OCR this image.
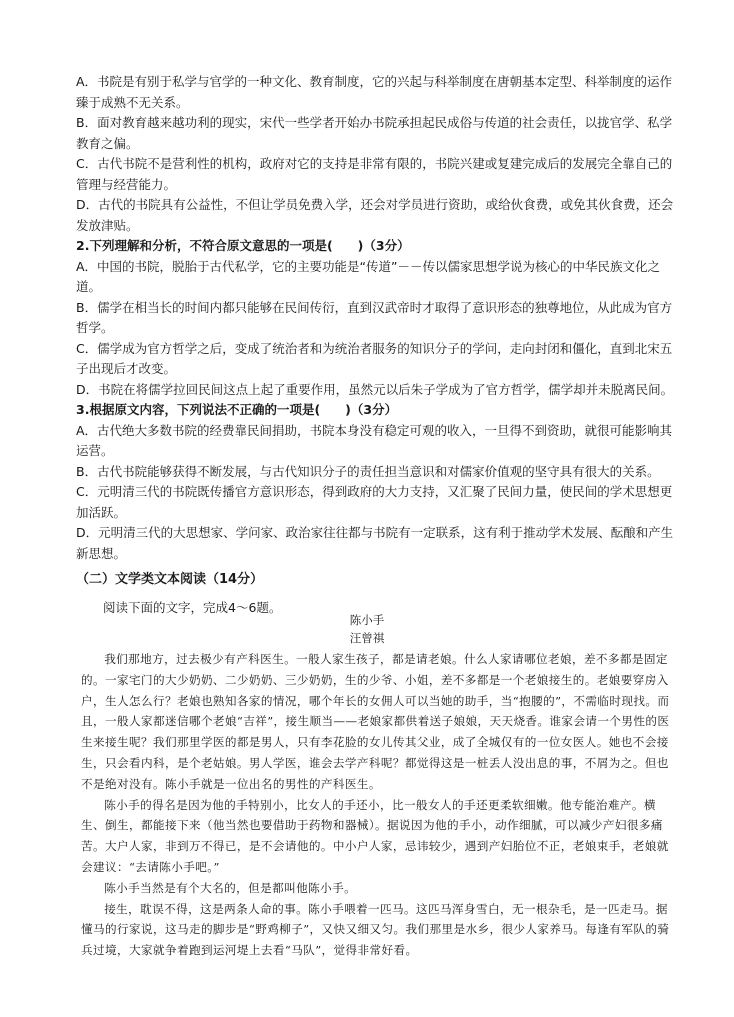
A．书院是有别于私学与官学的一种文化、教育制度，它的兴起与科举制度在唐朝基本定型、科举制度的运作臻于成熟不无关系。

B．面对教育越来越功利的现实，宋代一些学者开始办书院承担起民成俗与传道的社会责任，以拢官学、私学教育之偏。

C．古代书院不是营利性的机构，政府对它的支持是非常有限的，书院兴建或复建完成后的发展完全靠自己的管理与经营能力。

D．古代的书院具有公益性，不但让学员免费入学，还会对学员进行资助，或给伙食费，或免其伙食费，还会发放津贴。

2.下列理解和分析，不符合原文意思的一项是(　　)（3分）

A．中国的书院，脱胎于古代私学，它的主要功能是“传道”－－传以儒家思想学说为核心的中华民族文化之道。

B．儒学在相当长的时间内都只能够在民间传衍，直到汉武帝时才取得了意识形态的独尊地位，从此成为官方哲学。

C．儒学成为官方哲学之后，变成了统治者和为统治者服务的知识分子的学问，走向封闭和僵化，直到北宋五子出现后才改变。

D．书院在将儒学拉回民间这点上起了重要作用，虽然元以后朱子学成为了官方哲学，儒学却并未脱离民间。

3.根据原文内容，下列说法不正确的一项是(　　)（3分）

A．古代绝大多数书院的经费靠民间捐助，书院本身没有稳定可观的收入，一旦得不到资助，就很可能影响其运营。

B．古代书院能够获得不断发展，与古代知识分子的责任担当意识和对儒家价值观的坚守具有很大的关系。

C．元明清三代的书院既传播官方意识形态，得到政府的大力支持，又汇聚了民间力量，使民间的学术思想更加活跃。

D．元明清三代的大思想家、学问家、政治家往往都与书院有一定联系，这有利于推动学术发展、酝酿和产生新思想。

（二）文学类文本阅读（14分）
阅读下面的文字，完成4～6题。
陈小手
汪曾祺

我们那地方，过去极少有产科医生。一般人家生孩子，都是请老娘。什么人家请哪位老娘，差不多都是固定的。一家宅门的大少奶奶、二少奶奶、三少奶奶，生的少爷、小姐，差不多都是一个老娘接生的。老娘要穿房入户，生人怎么行？老娘也熟知各家的情况，哪个年长的女佣人可以当她的助手，当“抱腰的”，不需临时现找。而且，一般人家都迷信哪个老娘“吉祥”，接生顺当——老娘家都供着送子娘娘，天天烧香。谁家会请一个男性的医生来接生呢？我们那里学医的都是男人，只有李花脸的女儿传其父业，成了全城仅有的一位女医人。她也不会接生，只会看内科，是个老姑娘。男人学医，谁会去学产科呢？都觉得这是一桩丢人没出息的事，不屑为之。但也不是绝对没有。陈小手就是一位出名的男性的产科医生。

陈小手的得名是因为他的手特别小，比女人的手还小，比一般女人的手还更柔软细嫩。他专能治难产。横生、倒生，都能接下来（他当然也要借助于药物和器械）。据说因为他的手小，动作细腻，可以减少产妇很多痛苦。大户人家，非到万不得已，是不会请他的。中小户人家，忌讳较少，遇到产妇胎位不正，老娘束手，老娘就会建议：“去请陈小手吧。”

陈小手当然是有个大名的，但是都叫他陈小手。

接生，耽误不得，这是两条人命的事。陈小手喂着一匹马。这匹马浑身雪白，无一根杂毛，是一匹走马。据懂马的行家说，这马走的脚步是“野鸡柳子”，又快又细又匀。我们那里是水乡，很少人家养马。每逢有军队的骑兵过境，大家就争着跑到运河堤上去看“马队”，觉得非常好看。
